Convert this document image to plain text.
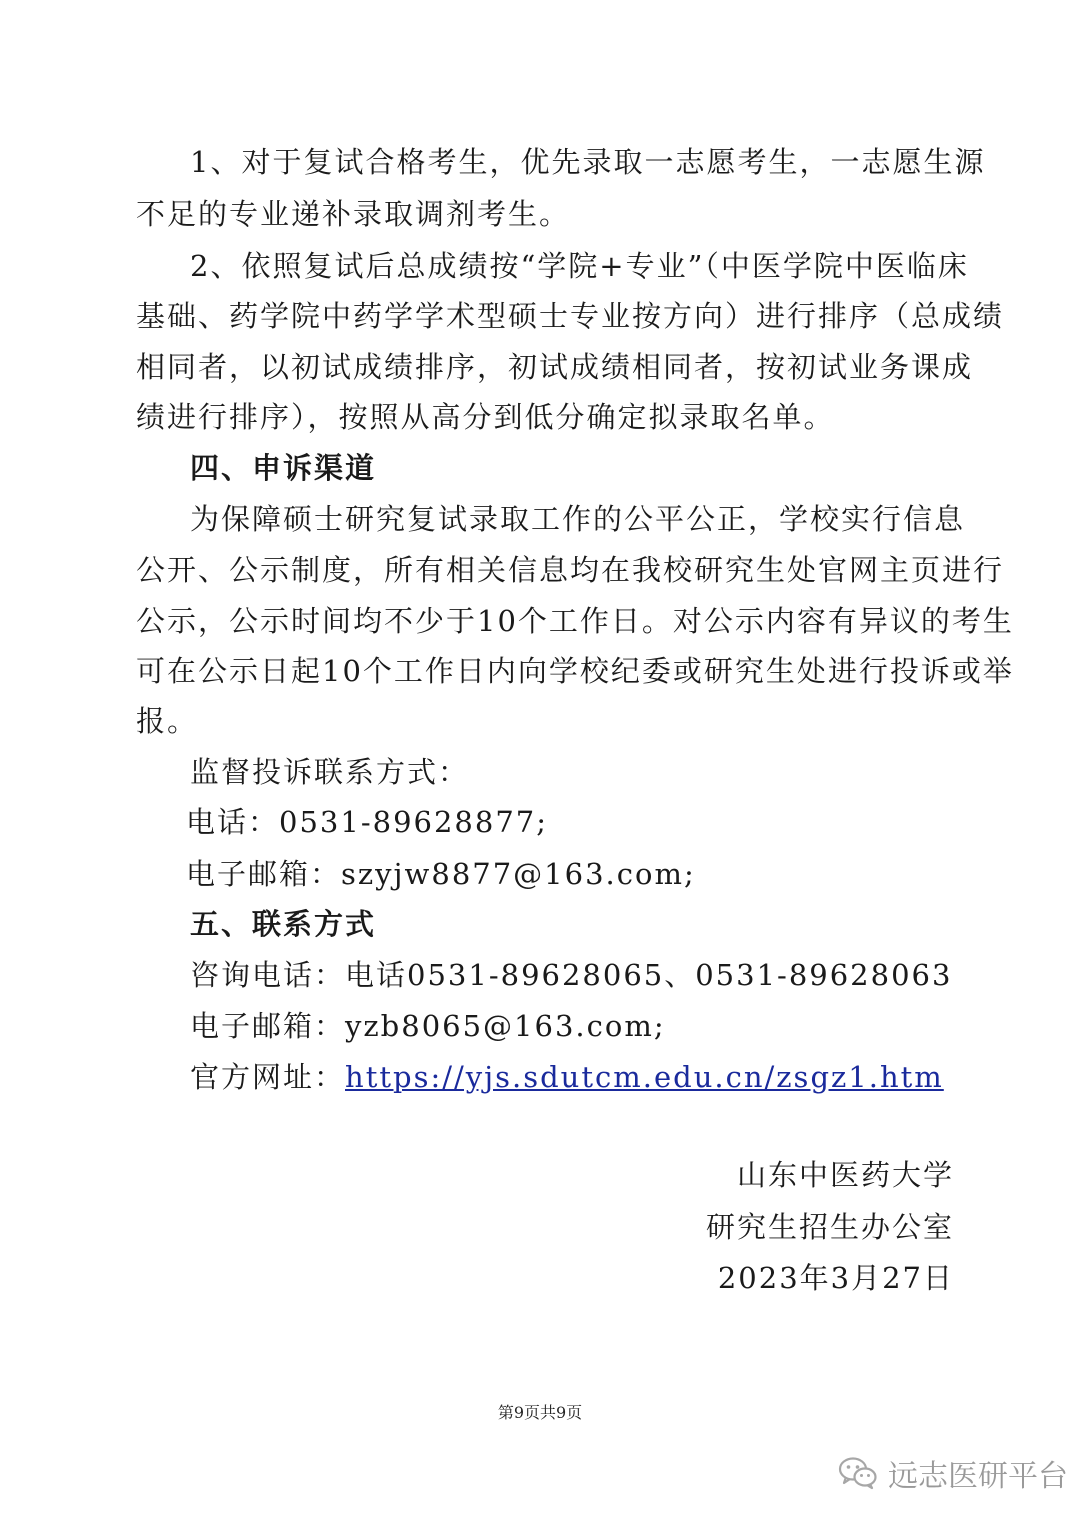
1、对于复试合格考生，优先录取一志愿考生，一志愿生源
不足的专业递补录取调剂考生。
2、依照复试后总成绩按“学院+专业”（中医学院中医临床
基础、药学院中药学学术型硕士专业按方向）进行排序（总成绩
相同者，以初试成绩排序，初试成绩相同者，按初试业务课成
绩进行排序），按照从高分到低分确定拟录取名单。
四、申诉渠道
为保障硕士研究复试录取工作的公平公正，学校实行信息
公开、公示制度，所有相关信息均在我校研究生处官网主页进行
公示，公示时间均不少于10个工作日。对公示内容有异议的考生
可在公示日起10个工作日内向学校纪委或研究生处进行投诉或举
报。
监督投诉联系方式：
电话：0531-89628877;
电子邮箱：szyjw8877@163.com;
五、联系方式
咨询电话：电话0531-89628065、0531-89628063
电子邮箱：yzb8065@163.com;
官方网址：https://yjs.sdutcm.edu.cn/zsgz1.htm
山东中医药大学
研究生招生办公室
2023年3月27日
第9页共9页
远志医研平台
